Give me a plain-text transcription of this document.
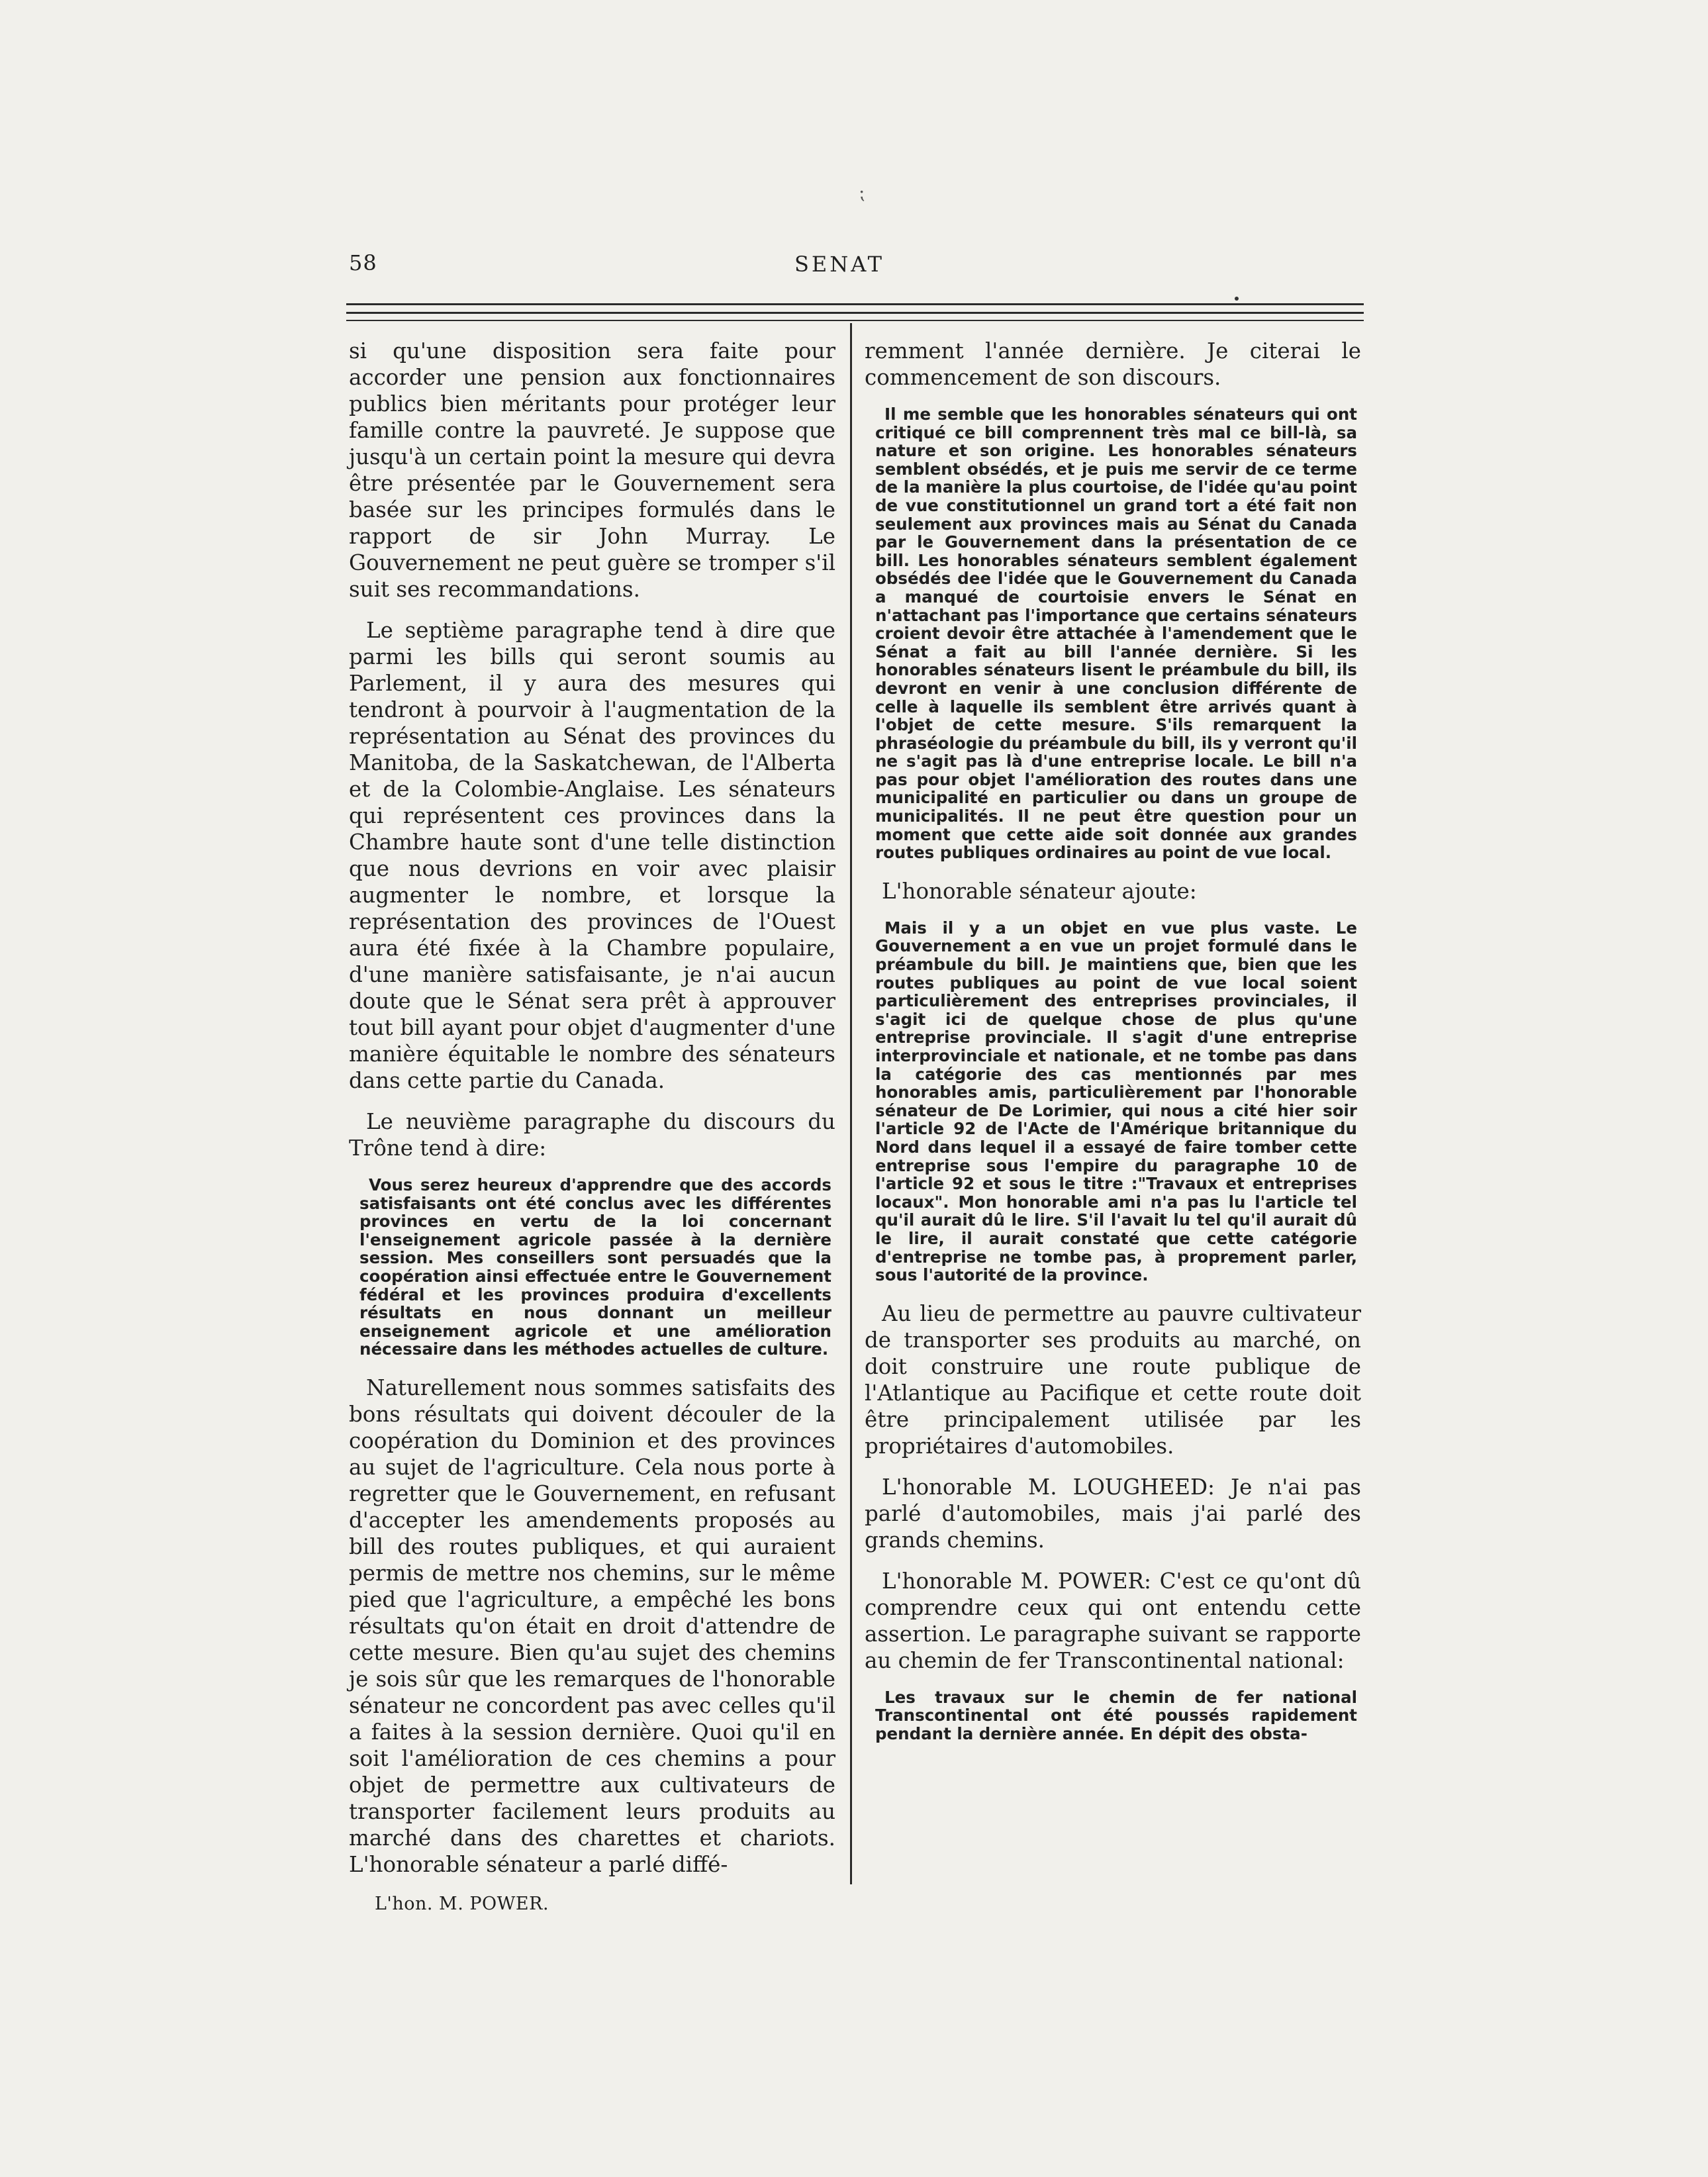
⁏
58	SENAT

si qu'une disposition sera faite pour accorder une pension aux fonctionnaires publics bien méritants pour protéger leur famille contre la pauvreté. Je suppose que jusqu'à un certain point la mesure qui devra être présentée par le Gouvernement sera basée sur les principes formulés dans le rapport de sir John Murray. Le Gouvernement ne peut guère se tromper s'il suit ses recommandations.

Le septième paragraphe tend à dire que parmi les bills qui seront soumis au Parlement, il y aura des mesures qui tendront à pourvoir à l'augmentation de la représentation au Sénat des provinces du Manitoba, de la Saskatchewan, de l'Alberta et de la Colombie-Anglaise. Les sénateurs qui représentent ces provinces dans la Chambre haute sont d'une telle distinction que nous devrions en voir avec plaisir augmenter le nombre, et lorsque la représentation des provinces de l'Ouest aura été fixée à la Chambre populaire, d'une manière satisfaisante, je n'ai aucun doute que le Sénat sera prêt à approuver tout bill ayant pour objet d'augmenter d'une manière équitable le nombre des sénateurs dans cette partie du Canada.

Le neuvième paragraphe du discours du Trône tend à dire:

Vous serez heureux d'apprendre que des accords satisfaisants ont été conclus avec les différentes provinces en vertu de la loi concernant l'enseignement agricole passée à la dernière session. Mes conseillers sont persuadés que la coopération ainsi effectuée entre le Gouvernement fédéral et les provinces produira d'excellents résultats en nous donnant un meilleur enseignement agricole et une amélioration nécessaire dans les méthodes actuelles de culture.

Naturellement nous sommes satisfaits des bons résultats qui doivent découler de la coopération du Dominion et des provinces au sujet de l'agriculture. Cela nous porte à regretter que le Gouvernement, en refusant d'accepter les amendements proposés au bill des routes publiques, et qui auraient permis de mettre nos chemins, sur le même pied que l'agriculture, a empêché les bons résultats qu'on était en droit d'attendre de cette mesure. Bien qu'au sujet des chemins je sois sûr que les remarques de l'honorable sénateur ne concordent pas avec celles qu'il a faites à la session dernière. Quoi qu'il en soit l'amélioration de ces chemins a pour objet de permettre aux cultivateurs de transporter facilement leurs produits au marché dans des charettes et chariots. L'honorable sénateur a parlé diffé-

remment l'année dernière. Je citerai le commencement de son discours.

Il me semble que les honorables sénateurs qui ont critiqué ce bill comprennent très mal ce bill-là, sa nature et son origine. Les honorables sénateurs semblent obsédés, et je puis me servir de ce terme de la manière la plus courtoise, de l'idée qu'au point de vue constitutionnel un grand tort a été fait non seulement aux provinces mais au Sénat du Canada par le Gouvernement dans la présentation de ce bill. Les honorables sénateurs semblent également obsédés dee l'idée que le Gouvernement du Canada a manqué de courtoisie envers le Sénat en n'attachant pas l'importance que certains sénateurs croient devoir être attachée à l'amendement que le Sénat a fait au bill l'année dernière. Si les honorables sénateurs lisent le préambule du bill, ils devront en venir à une conclusion différente de celle à laquelle ils semblent être arrivés quant à l'objet de cette mesure. S'ils remarquent la phraséologie du préambule du bill, ils y verront qu'il ne s'agit pas là d'une entreprise locale. Le bill n'a pas pour objet l'amélioration des routes dans une municipalité en particulier ou dans un groupe de municipalités. Il ne peut être question pour un moment que cette aide soit donnée aux grandes routes publiques ordinaires au point de vue local.

L'honorable sénateur ajoute:

Mais il y a un objet en vue plus vaste. Le Gouvernement a en vue un projet formulé dans le préambule du bill. Je maintiens que, bien que les routes publiques au point de vue local soient particulièrement des entreprises provinciales, il s'agit ici de quelque chose de plus qu'une entreprise provinciale. Il s'agit d'une entreprise interprovinciale et nationale, et ne tombe pas dans la catégorie des cas mentionnés par mes honorables amis, particulièrement par l'honorable sénateur de De Lorimier, qui nous a cité hier soir l'article 92 de l'Acte de l'Amérique britannique du Nord dans lequel il a essayé de faire tomber cette entreprise sous l'empire du paragraphe 10 de l'article 92 et sous le titre :"Travaux et entreprises locaux". Mon honorable ami n'a pas lu l'article tel qu'il aurait dû le lire. S'il l'avait lu tel qu'il aurait dû le lire, il aurait constaté que cette catégorie d'entreprise ne tombe pas, à proprement parler, sous l'autorité de la province.

Au lieu de permettre au pauvre cultivateur de transporter ses produits au marché, on doit construire une route publique de l'Atlantique au Pacifique et cette route doit être principalement utilisée par les propriétaires d'automobiles.

L'honorable M. LOUGHEED: Je n'ai pas parlé d'automobiles, mais j'ai parlé des grands chemins.

L'honorable M. POWER: C'est ce qu'ont dû comprendre ceux qui ont entendu cette assertion. Le paragraphe suivant se rapporte au chemin de fer Transcontinental national:

Les travaux sur le chemin de fer national Transcontinental ont été poussés rapidement pendant la dernière année. En dépit des obsta-

L'hon. M. POWER.
